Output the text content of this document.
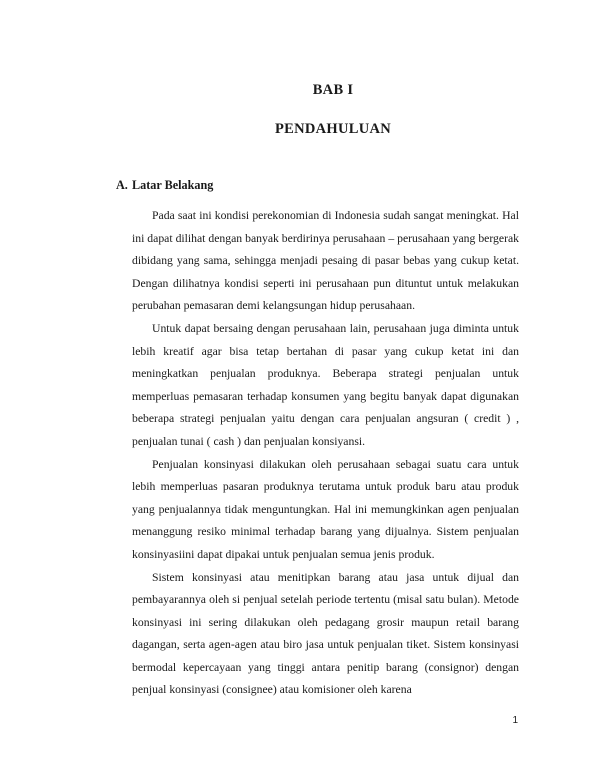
BAB I
PENDAHULUAN
A. Latar Belakang

Pada saat ini kondisi perekonomian di Indonesia sudah sangat meningkat. Hal ini dapat dilihat dengan banyak berdirinya perusahaan – perusahaan yang bergerak dibidang yang sama, sehingga menjadi pesaing di pasar bebas yang cukup ketat. Dengan dilihatnya kondisi seperti ini perusahaan pun dituntut untuk melakukan perubahan pemasaran demi kelangsungan hidup perusahaan.

Untuk dapat bersaing dengan perusahaan lain, perusahaan juga diminta untuk lebih kreatif agar bisa tetap bertahan di pasar yang cukup ketat ini dan meningkatkan penjualan produknya. Beberapa strategi penjualan untuk memperluas pemasaran terhadap konsumen yang begitu banyak dapat digunakan beberapa strategi penjualan yaitu dengan cara penjualan angsuran ( credit ) , penjualan tunai ( cash ) dan penjualan konsiyansi.

Penjualan konsinyasi dilakukan oleh perusahaan sebagai suatu cara untuk lebih memperluas pasaran produknya terutama untuk produk baru atau produk yang penjualannya tidak menguntungkan. Hal ini memungkinkan agen penjualan menanggung resiko minimal terhadap barang yang dijualnya. Sistem penjualan konsinyasiini dapat dipakai untuk penjualan semua jenis produk.

Sistem konsinyasi atau menitipkan barang atau jasa untuk dijual dan pembayarannya oleh si penjual setelah periode tertentu (misal satu bulan). Metode konsinyasi ini sering dilakukan oleh pedagang grosir maupun retail barang dagangan, serta agen-agen atau biro jasa untuk penjualan tiket. Sistem konsinyasi bermodal kepercayaan yang tinggi antara penitip barang (consignor) dengan penjual konsinyasi (consignee) atau komisioner oleh karena

1
